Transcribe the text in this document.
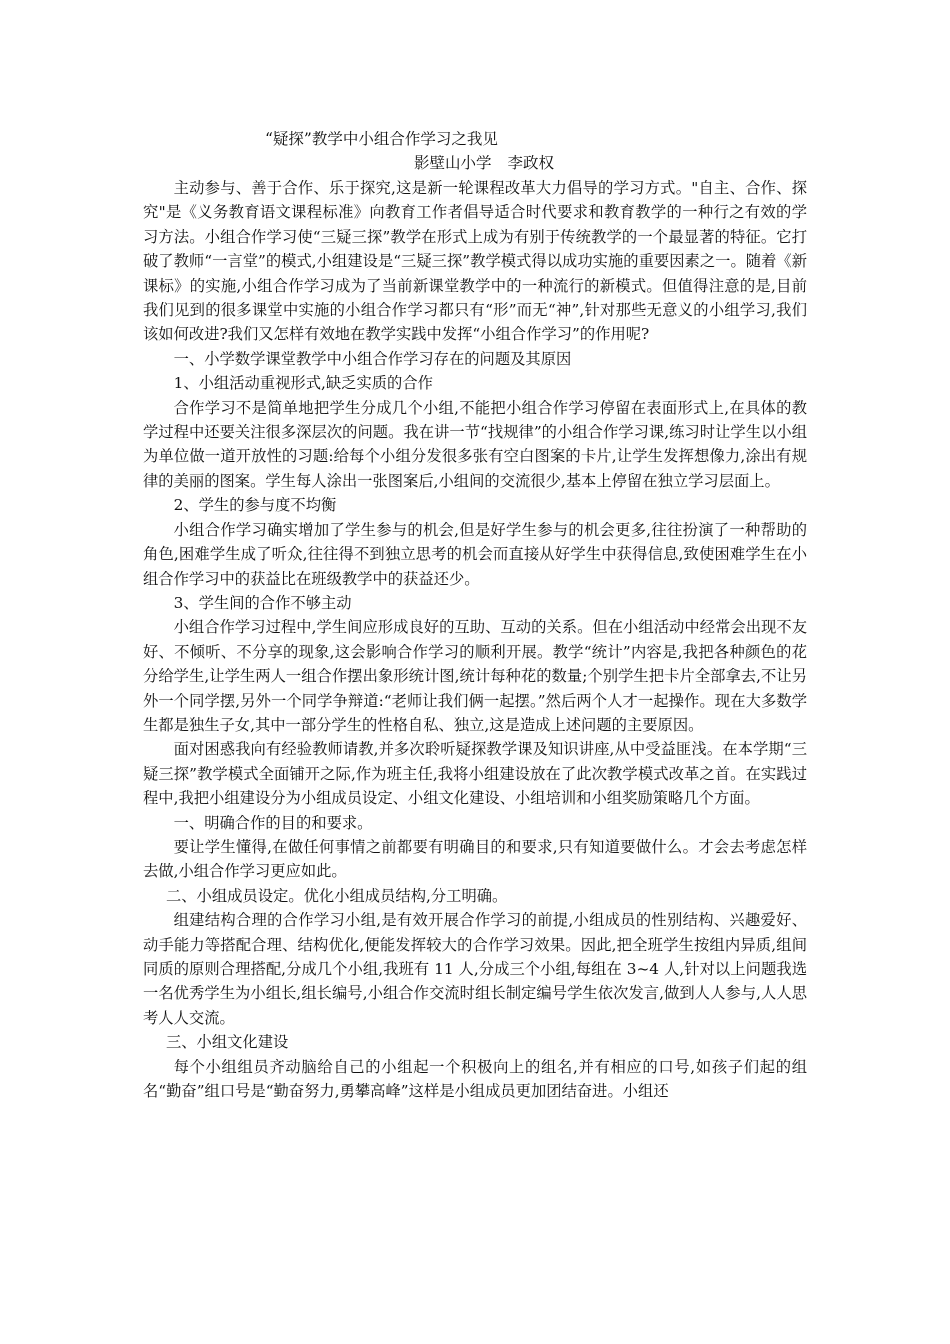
“疑探”教学中小组合作学习之我见
影壁山小学 李政权

主动参与、善于合作、乐于探究,这是新一轮课程改革大力倡导的学习方式。"自主、合作、探究"是《义务教育语文课程标准》向教育工作者倡导适合时代要求和教育教学的一种行之有效的学习方法。小组合作学习使“三疑三探”教学在形式上成为有别于传统教学的一个最显著的特征。它打破了教师“一言堂”的模式,小组建设是“三疑三探”教学模式得以成功实施的重要因素之一。随着《新课标》的实施,小组合作学习成为了当前新课堂教学中的一种流行的新模式。但值得注意的是,目前我们见到的很多课堂中实施的小组合作学习都只有“形”而无“神”,针对那些无意义的小组学习,我们该如何改进?我们又怎样有效地在教学实践中发挥“小组合作学习”的作用呢?

一、小学数学课堂教学中小组合作学习存在的问题及其原因

1、小组活动重视形式,缺乏实质的合作

合作学习不是简单地把学生分成几个小组,不能把小组合作学习停留在表面形式上,在具体的教学过程中还要关注很多深层次的问题。我在讲一节“找规律”的小组合作学习课,练习时让学生以小组为单位做一道开放性的习题:给每个小组分发很多张有空白图案的卡片,让学生发挥想像力,涂出有规律的美丽的图案。学生每人涂出一张图案后,小组间的交流很少,基本上停留在独立学习层面上。

2、学生的参与度不均衡

小组合作学习确实增加了学生参与的机会,但是好学生参与的机会更多,往往扮演了一种帮助的角色,困难学生成了听众,往往得不到独立思考的机会而直接从好学生中获得信息,致使困难学生在小组合作学习中的获益比在班级教学中的获益还少。

3、学生间的合作不够主动

小组合作学习过程中,学生间应形成良好的互助、互动的关系。但在小组活动中经常会出现不友好、不倾听、不分享的现象,这会影响合作学习的顺利开展。教学“统计”内容是,我把各种颜色的花分给学生,让学生两人一组合作摆出象形统计图,统计每种花的数量;个别学生把卡片全部拿去,不让另外一个同学摆,另外一个同学争辩道:“老师让我们俩一起摆。”然后两个人才一起操作。现在大多数学生都是独生子女,其中一部分学生的性格自私、独立,这是造成上述问题的主要原因。

面对困惑我向有经验教师请教,并多次聆听疑探教学课及知识讲座,从中受益匪浅。在本学期“三疑三探”教学模式全面铺开之际,作为班主任,我将小组建设放在了此次教学模式改革之首。在实践过程中,我把小组建设分为小组成员设定、小组文化建设、小组培训和小组奖励策略几个方面。

一、明确合作的目的和要求。

要让学生懂得,在做任何事情之前都要有明确目的和要求,只有知道要做什么。才会去考虑怎样去做,小组合作学习更应如此。

二、小组成员设定。优化小组成员结构,分工明确。

组建结构合理的合作学习小组,是有效开展合作学习的前提,小组成员的性别结构、兴趣爱好、动手能力等搭配合理、结构优化,便能发挥较大的合作学习效果。因此,把全班学生按组内异质,组间同质的原则合理搭配,分成几个小组,我班有 11 人,分成三个小组,每组在 3~4 人,针对以上问题我选一名优秀学生为小组长,组长编号,小组合作交流时组长制定编号学生依次发言,做到人人参与,人人思考人人交流。

三、小组文化建设

每个小组组员齐动脑给自己的小组起一个积极向上的组名,并有相应的口号,如孩子们起的组名“勤奋”组口号是“勤奋努力,勇攀高峰”这样是小组成员更加团结奋进。小组还
